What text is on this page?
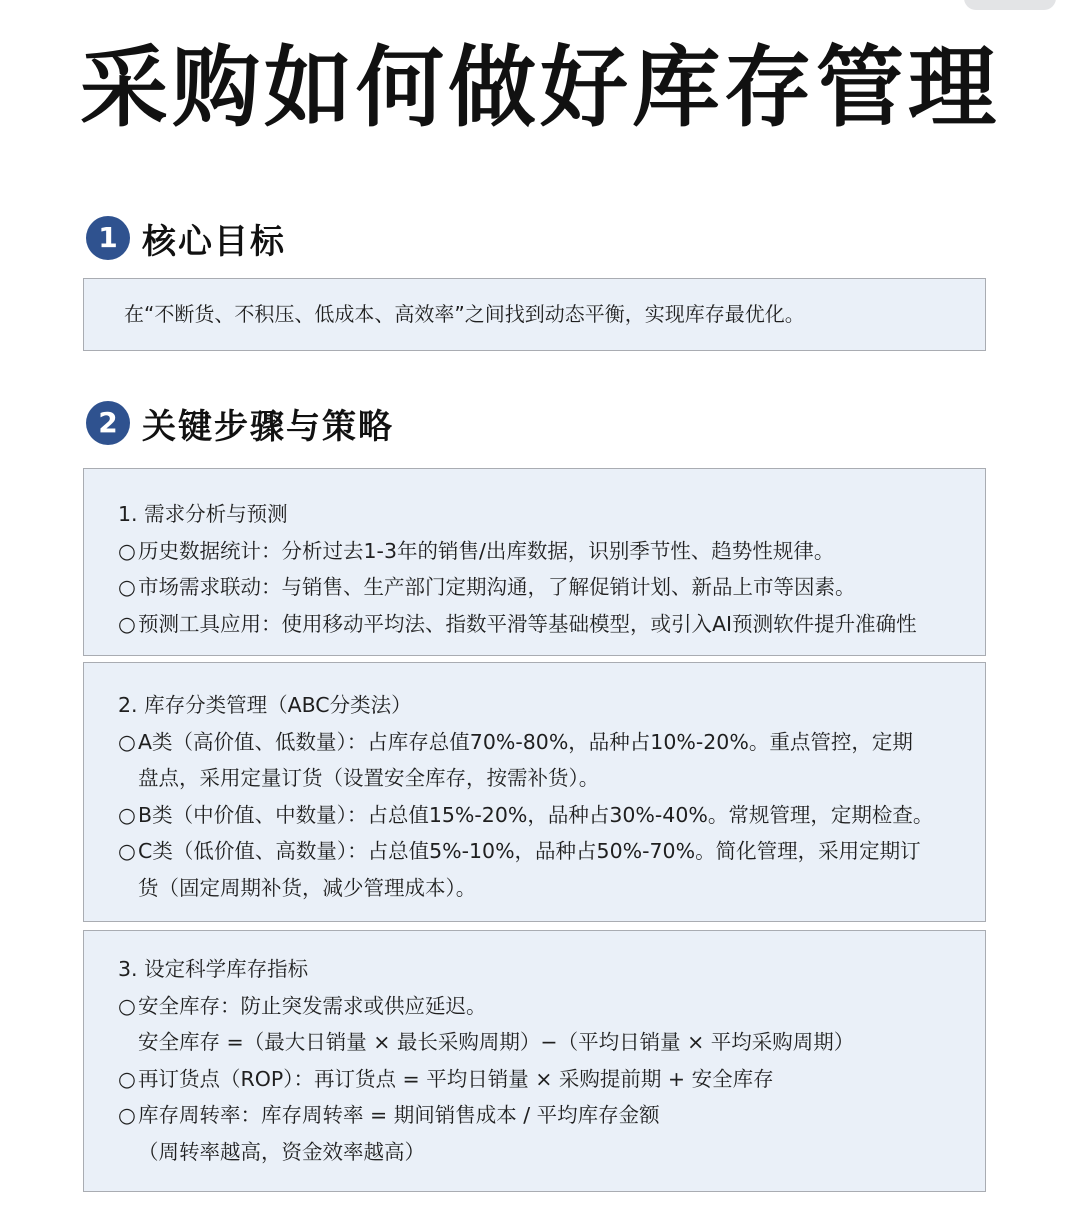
采购如何做好库存管理
1 核心目标
在“不断货、不积压、低成本、高效率”之间找到动态平衡，实现库存最优化。
2 关键步骤与策略
1. 需求分析与预测
○ 历史数据统计：分析过去1-3年的销售/出库数据，识别季节性、趋势性规律。
○ 市场需求联动：与销售、生产部门定期沟通，了解促销计划、新品上市等因素。
○ 预测工具应用：使用移动平均法、指数平滑等基础模型，或引入AI预测软件提升准确性
2. 库存分类管理（ABC分类法）
○ A类（高价值、低数量）：占库存总值70%-80%，品种占10%-20%。重点管控，定期
盘点，采用定量订货（设置安全库存，按需补货）。
○ B类（中价值、中数量）：占总值15%-20%，品种占30%-40%。常规管理，定期检查。
○ C类（低价值、高数量）：占总值5%-10%，品种占50%-70%。简化管理，采用定期订
货（固定周期补货，减少管理成本）。
3. 设定科学库存指标
○ 安全库存：防止突发需求或供应延迟。
安全库存 =（最大日销量 × 最长采购周期）−（平均日销量 × 平均采购周期）
○ 再订货点（ROP）：再订货点 = 平均日销量 × 采购提前期 + 安全库存
○ 库存周转率：库存周转率 = 期间销售成本 / 平均库存金额
（周转率越高，资金效率越高）
